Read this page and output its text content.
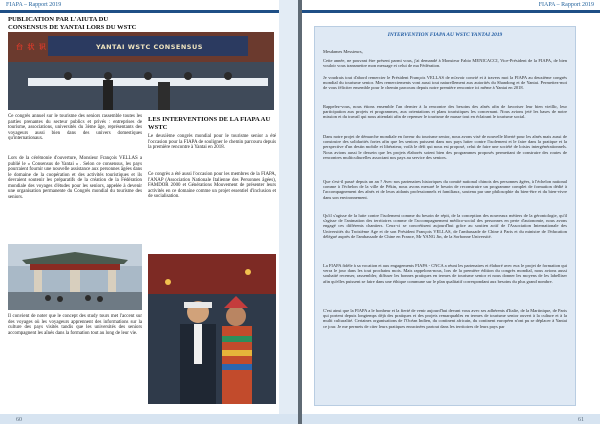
FIAPA – Rapport 2019
PUBLICATION PAR L'AIUTA DU
CONSENSUS DE YANTAI LORS DU WSTC
台 状 识	YANTAI WSTC CONSENSUS
Ce congrès annuel sur le tourisme des seniors rassemble toutes les parties prenantes du secteur publics et privés : entreprises de tourisme, associations, universités du 3ème âge, représentants des voyageurs aussi bien dans des univers domestiques qu'internationaux.
Lors de la cérémonie d'ouverture, Monsieur François VELLAS a publié le « Consensus de Yantai » . Selon ce consensus, les pays pourraient fournir une nouvelle assistance aux personnes âgées dans le domaine de la coopération et des activités touristiques et ils devraient soutenir les préparatifs de la création de la Fédération mondiale des voyages d'études pour les seniors, appelée à devenir une organisation permanente du Congrès mondial du tourisme des seniors.
Il convient de noter que le concept des study tours met l'accent sur des voyages où les voyageurs apprennent des informations sur la culture des pays visités tandis que les universités des seniors accompagnent les aînés dans la formation tout au long de leur vie.
LES INTERVENTIONS DE LA FIAPA AU WSTC
Le deuxième congrès mondial pour le tourisme senior a été l'occasion pour la FIAPA de souligner le chemin parcouru depuis la première rencontre à Yantai en 2018.
Ce congrès a été aussi l'occasion pour les membres de la FIAPA, l'ANAP (Association Nationale Italienne des Personnes âgées), FAMDOR 2000 et Générations Mouvement de présenter leurs activités en ce domaine comme un projet essentiel d'inclusion et de socialisation.
60
FIAPA – Rapport 2019
INTERVENTION FIAPA AU WSTC YANTAI 2019
Mesdames Messieurs,
Cette année, ne pouvant être présent parmi vous, j'ai demandé à Monsieur Fabio MENICACCI, Vice-Président de la FIAPA, de bien vouloir vous transmettre mon message et celui de ma Fédération.
Je voudrais tout d'abord remercier le Président François VELLAS de m'avoir convié et à travers moi la FIAPA au deuxième congrès mondial du tourisme senior. Mes remerciements vont aussi tout naturellement aux autorités du Shandong et de Yantai. Permettez-moi de vous féliciter ensemble pour le chemin parcouru depuis notre première rencontre ici même à Yantai en 2018.
Rappelez-vous, nous étions ensemble l'an dernier à la rencontre des besoins des aînés afin de favoriser leur bien vieillir, leur participation aux projets et programmes, aux orientations et plans touristiques les concernant. Nous avions jeté les bases de notre mission et du travail qui nous attendait afin de repenser le tourisme de masse tout en éclairant le tourisme social.
Dans notre projet de démarche mondiale en faveur du tourisme senior, nous avons visé de nouvelle liberté pour les aînés mais aussi de construire des solidarités fortes afin que les seniors puissent dans nos pays lutter contre l'isolement et le faire dans la pratique et la perspective d'un destin mobile et libérateur, voilà le défi qui nous est proposé, celui de faire une société de loisirs intergénérationnels. Nous avions aussi le dessein que les projets élaborés soient bien des programmes proposés permettant de construire des routes de rencontres multiculturelles associant nos pays au service des seniors.
Que s'est-il passé depuis un an ? Avec nos partenaires historiques du comité national chinois des personnes âgées, à l'échelon national comme à l'échelon de la ville de Pékin, nous avons mesuré le besoin de reconstruire un programme complet de formation dédié à l'accompagnement des aînés et de leurs aidants professionnels et familiaux, soutenu par une philosophie du bien-être et du bien-vivre dans son environnement.
Qu'il s'agisse de la lutte contre l'isolement comme du besoin de répit, de la conception des nouveaux métiers de la gérontologie, qu'il s'agisse de l'animation des territoires comme de l'accompagnement médico-social des personnes en perte d'autonomie, nous avons engagé ces différents chantiers. Ceux-ci se concrétisent aujourd'hui grâce au soutien actif de l'Association Internationale des Universités du Troisième Age et de son Président François VELLAS, de l'ambassade de Chine à Paris et du ministre de l'éducation délégué auprès de l'ambassade de Chine en France, Mr YANG Jin, de la Sorbonne Université.
La FIAPA fidèle à sa vocation et aux engagements FIAPA - CNCA a réuni les partenaires et élaboré avec eux le projet de formation qui verra le jour dans les tout prochains mois. Mais rappelons-nous, lors de la première édition du congrès mondial, nous avions aussi souhaité recenser, rassembler, diffuser les bonnes pratiques en termes de tourisme senior et nous donner les moyens de les labelliser afin qu'elles puissent se faire dans une éthique commune sur le plan qualitatif correspondant aux besoins du plus grand nombre.
C'est ainsi que la FIAPA a le bonheur et la fierté de venir aujourd'hui devant vous avec ses adhérents d'Italie, de la Martinique, de Paris qui portent depuis longtemps déjà des pratiques et des projets remarquables en termes de tourisme senior ouvert à la culture et à la multi culturalité. Certaines organisations de l'Océan Indien, du continent africain, du continent européen n'ont pu se déplacer à Yantai ce jour. Je me permets de citer leurs pratiques enracinées partout dans les territoires de leurs pays par
61
